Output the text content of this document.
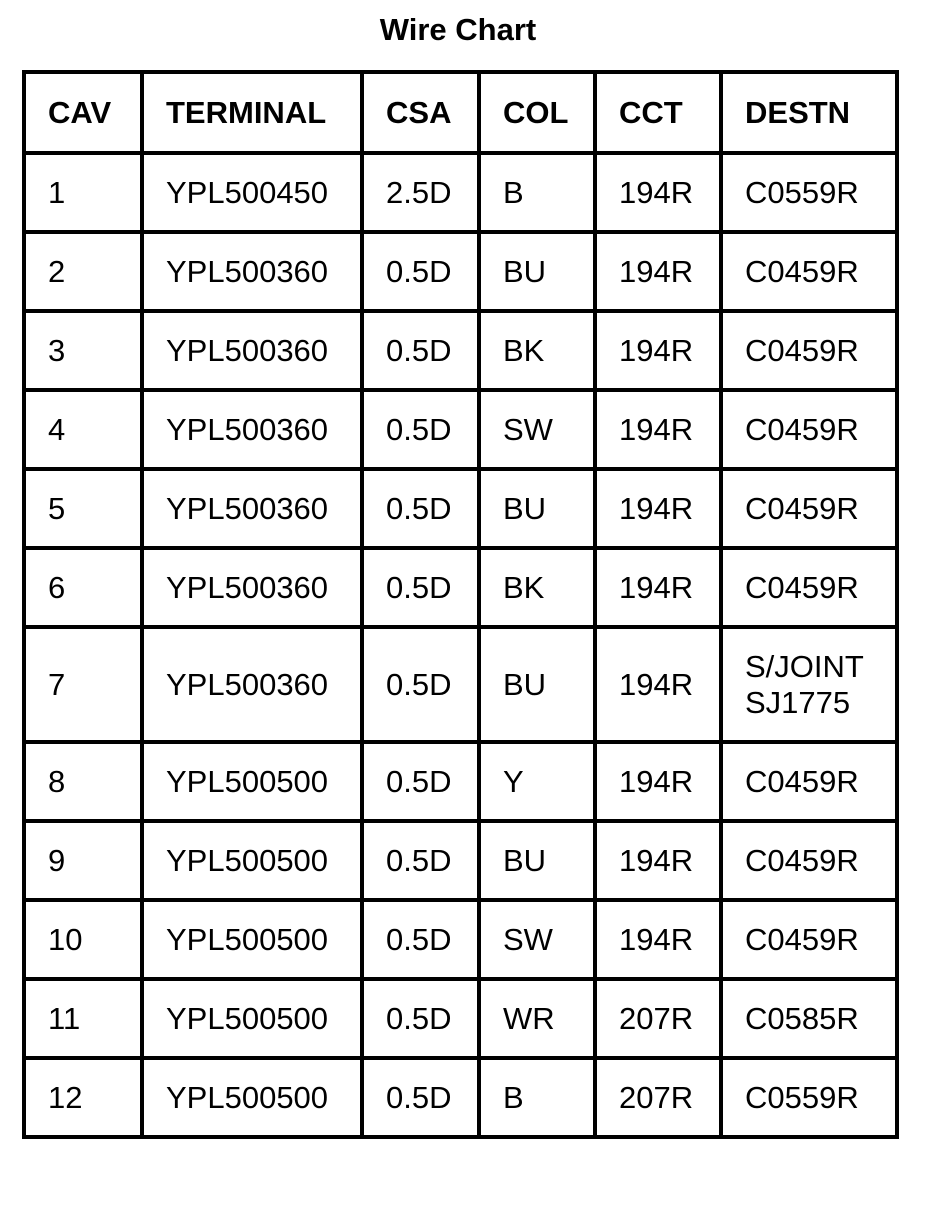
Wire Chart
CAV	TERMINAL	CSA	COL	CCT	DESTN
1	YPL500450	2.5D	B	194R	C0559R
2	YPL500360	0.5D	BU	194R	C0459R
3	YPL500360	0.5D	BK	194R	C0459R
4	YPL500360	0.5D	SW	194R	C0459R
5	YPL500360	0.5D	BU	194R	C0459R
6	YPL500360	0.5D	BK	194R	C0459R
7	YPL500360	0.5D	BU	194R	S/JOINT
SJ1775

8	YPL500500	0.5D	Y	194R	C0459R
9	YPL500500	0.5D	BU	194R	C0459R
10	YPL500500	0.5D	SW	194R	C0459R
11	YPL500500	0.5D	WR	207R	C0585R
12	YPL500500	0.5D	B	207R	C0559R
